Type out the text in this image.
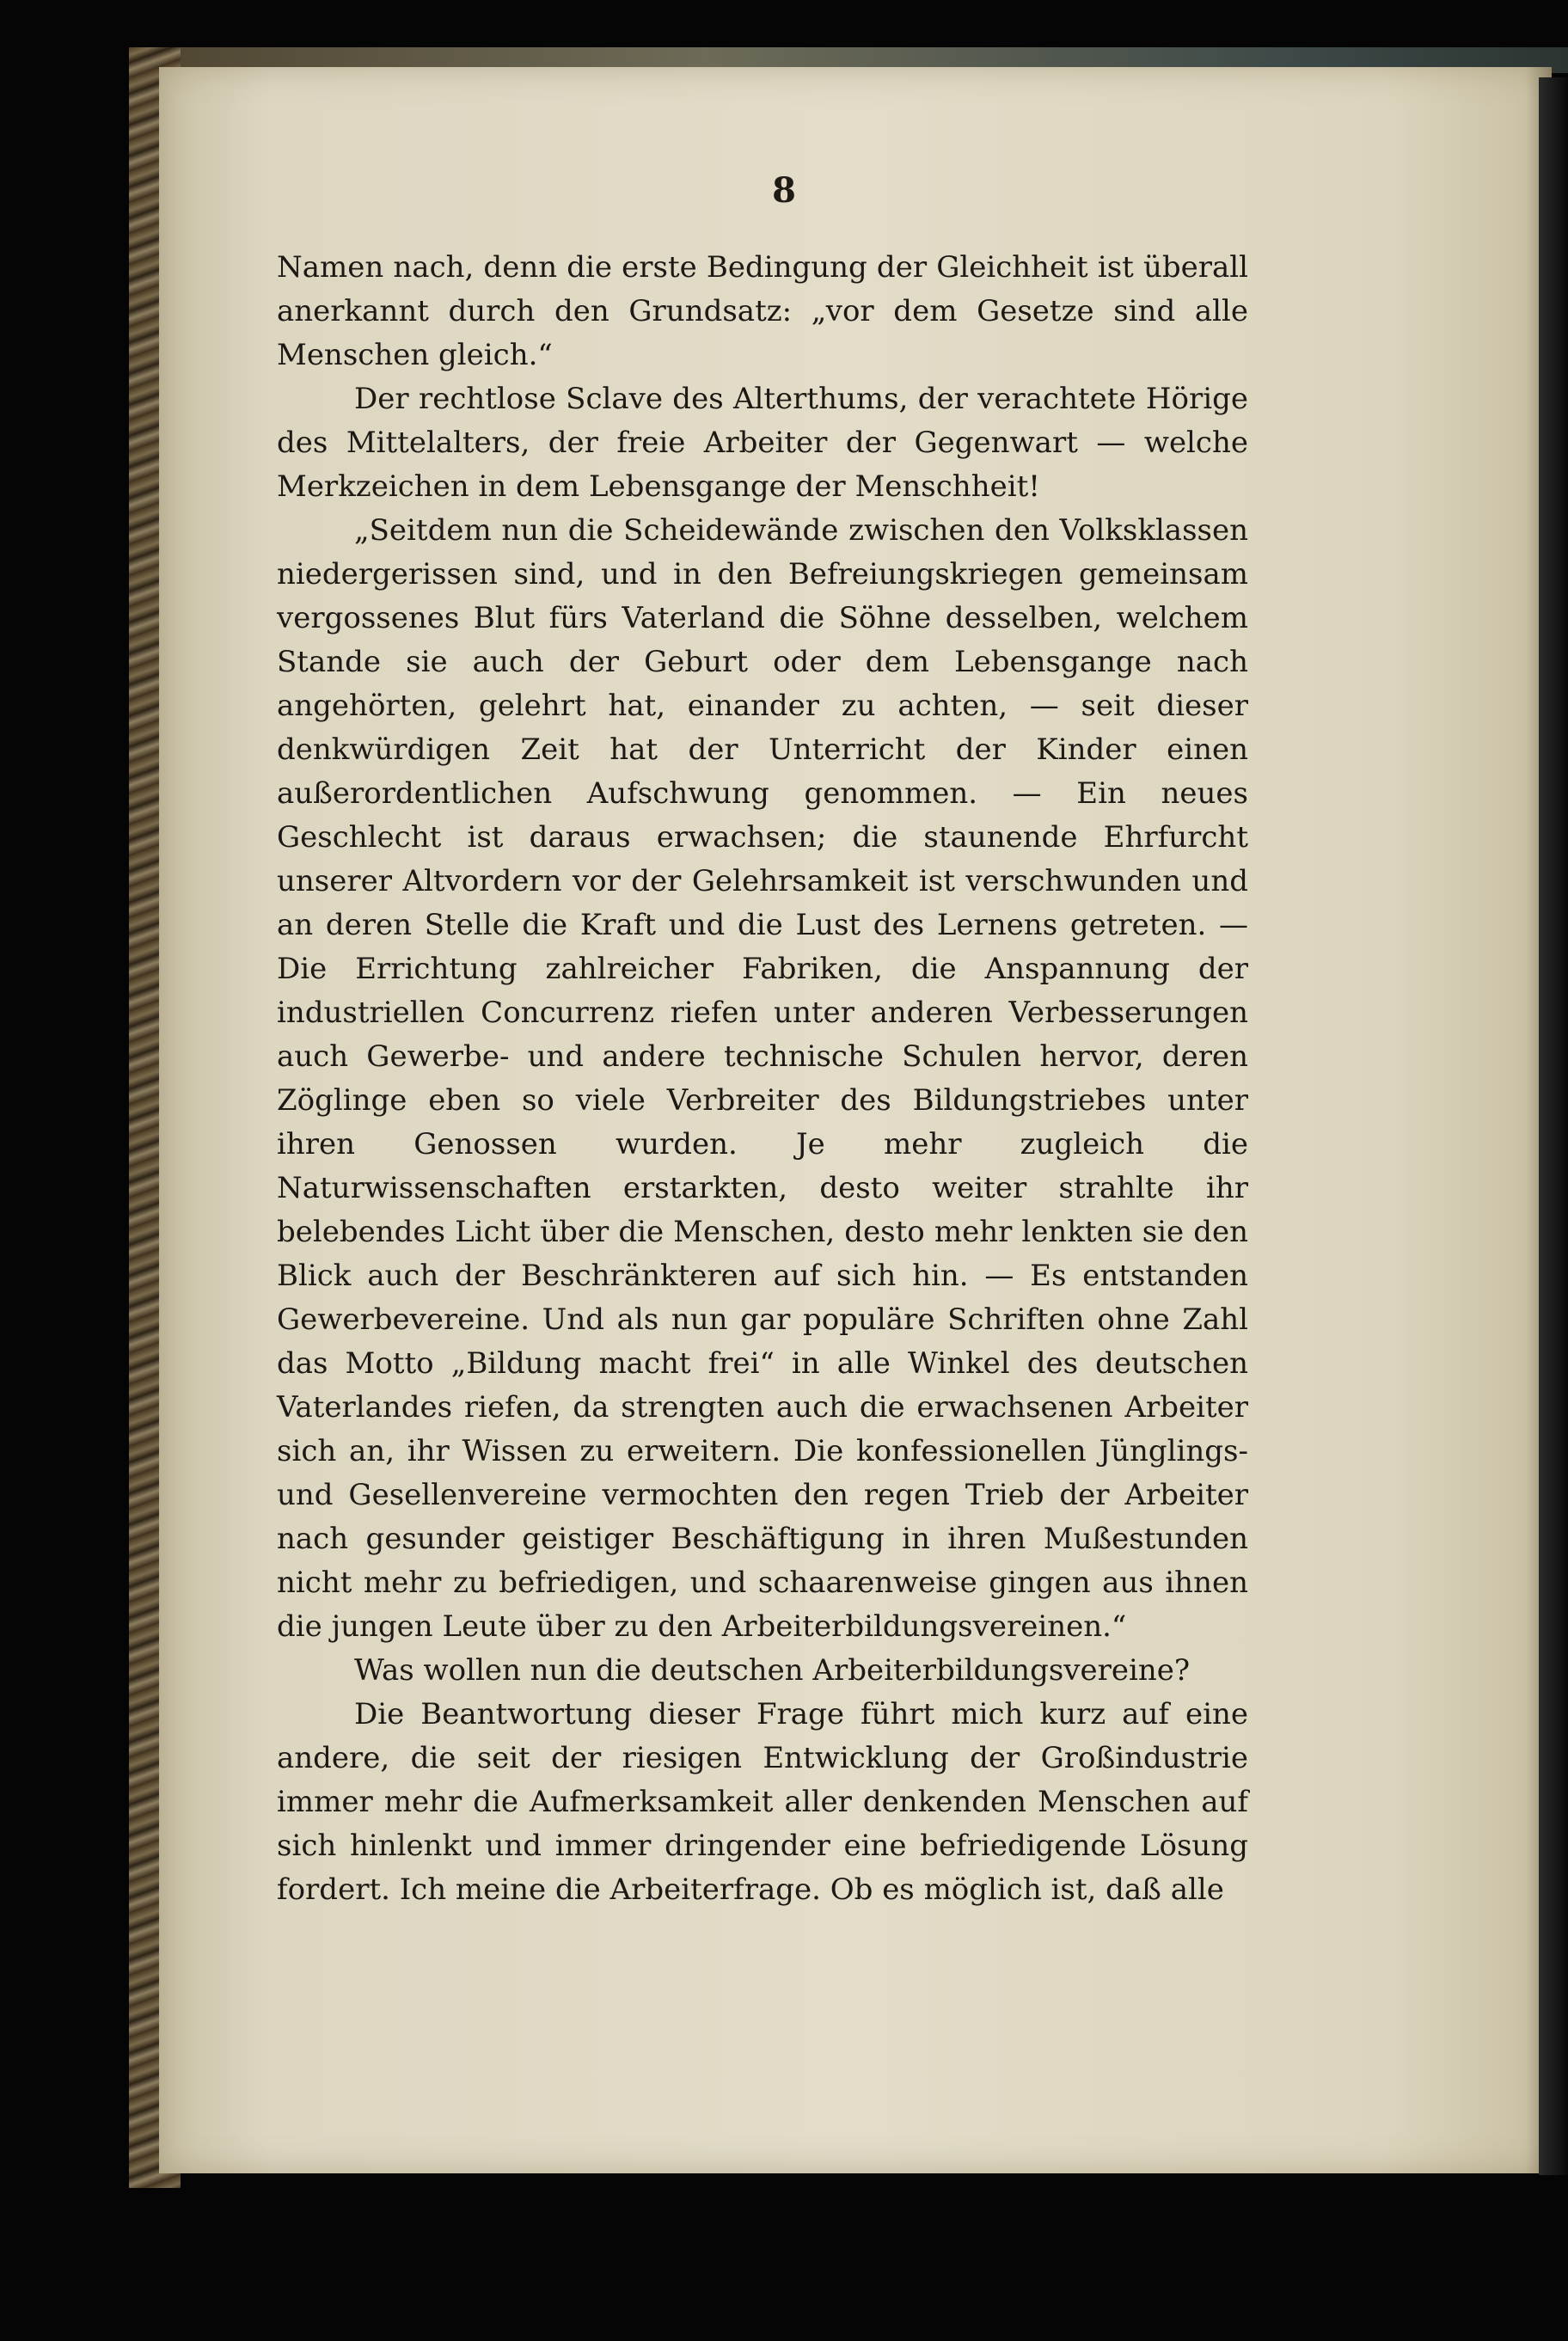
8

Namen nach, denn die erste Bedingung der Gleichheit ist überall anerkannt durch den Grundsatz: „vor dem Gesetze sind alle Menschen gleich.“

Der rechtlose Sclave des Alterthums, der verachtete Hörige des Mittelalters, der freie Arbeiter der Gegenwart — welche Merkzeichen in dem Lebensgange der Menschheit!

„Seitdem nun die Scheidewände zwischen den Volksklassen niedergerissen sind, und in den Befreiungskriegen gemeinsam vergossenes Blut fürs Vaterland die Söhne desselben, welchem Stande sie auch der Geburt oder dem Lebensgange nach angehörten, gelehrt hat, einander zu achten, — seit dieser denkwürdigen Zeit hat der Unterricht der Kinder einen außerordentlichen Aufschwung genommen. — Ein neues Geschlecht ist daraus erwachsen; die staunende Ehrfurcht unserer Altvordern vor der Gelehrsamkeit ist verschwunden und an deren Stelle die Kraft und die Lust des Lernens getreten. — Die Errichtung zahlreicher Fabriken, die Anspannung der industriellen Concurrenz riefen unter anderen Verbesserungen auch Gewerbe- und andere technische Schulen hervor, deren Zöglinge eben so viele Verbreiter des Bildungstriebes unter ihren Genossen wurden. Je mehr zugleich die Naturwissenschaften erstarkten, desto weiter strahlte ihr belebendes Licht über die Menschen, desto mehr lenkten sie den Blick auch der Beschränkteren auf sich hin. — Es entstanden Gewerbevereine. Und als nun gar populäre Schriften ohne Zahl das Motto „Bildung macht frei“ in alle Winkel des deutschen Vaterlandes riefen, da strengten auch die erwachsenen Arbeiter sich an, ihr Wissen zu erweitern. Die konfessionellen Jünglings- und Gesellenvereine vermochten den regen Trieb der Arbeiter nach gesunder geistiger Beschäftigung in ihren Mußestunden nicht mehr zu befriedigen, und schaarenweise gingen aus ihnen die jungen Leute über zu den Arbeiterbildungsvereinen.“

Was wollen nun die deutschen Arbeiterbildungsvereine?

Die Beantwortung dieser Frage führt mich kurz auf eine andere, die seit der riesigen Entwicklung der Großindustrie immer mehr die Aufmerksamkeit aller denkenden Menschen auf sich hinlenkt und immer dringender eine befriedigende Lösung fordert. Ich meine die Arbeiterfrage. Ob es möglich ist, daß alle
